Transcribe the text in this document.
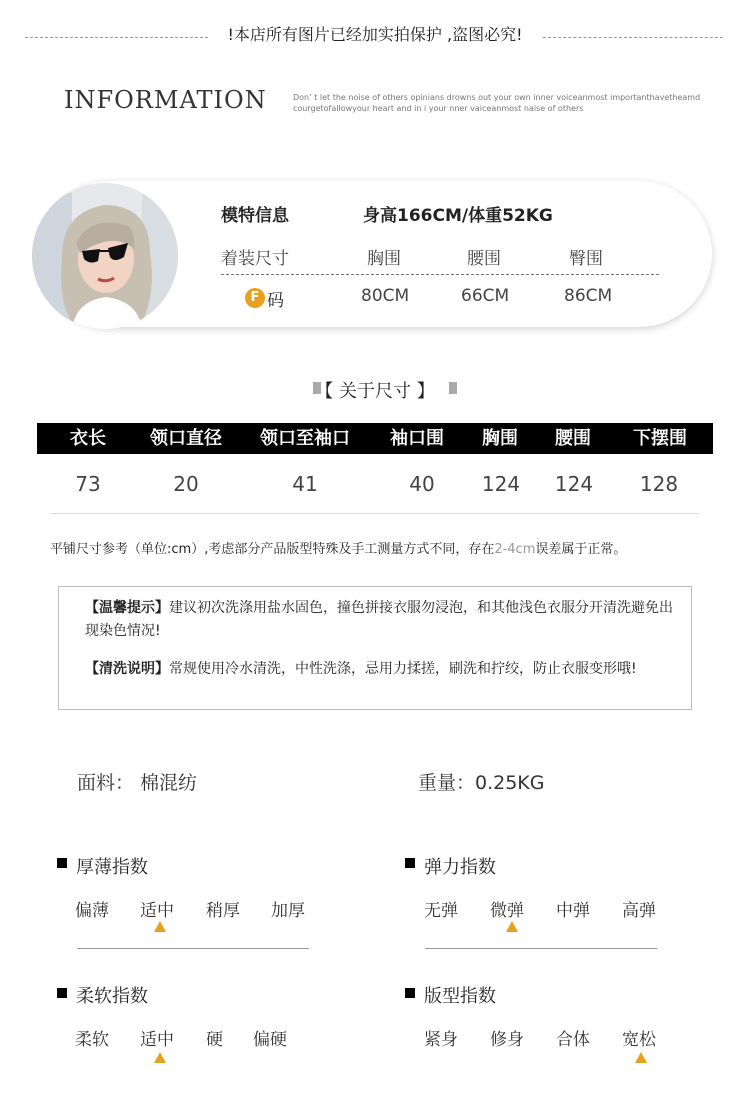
!本店所有图片已经加实拍保护 ,盗图必究!
INFORMATION	Don’ t let the noise of others opinians drowns out your own inner voiceanmost importanthavetheamd courgetofallowyour heart and in i your nner vaiceanmost naise of others
模特信息	身高166CM/体重52KG
着装尺寸	胸围	腰围	臀围
F 码	80CM	66CM	86CM
【 关于尺寸 】
衣长	领口直径	领口至袖口	袖口围	胸围	腰围	下摆围
73	20	41	40	124	124	128
平铺尺寸参考（单位:cm）,考虑部分产品版型特殊及手工测量方式不同，存在2-4cm误差属于正常。
【温馨提示】建议初次洗涤用盐水固色，撞色拼接衣服勿浸泡，和其他浅色衣服分开清洗避免出现染色情况!
【清洗说明】常规使用冷水清洗，中性洗涤，忌用力揉搓，刷洗和拧绞，防止衣服变形哦!
面料： 棉混纺	重量：0.25KG
厚薄指数
偏薄 适中 稍厚 加厚
弹力指数
无弹 微弹 中弹 高弹
柔软指数
柔软 适中 硬 偏硬
版型指数
紧身 修身 合体 宽松
